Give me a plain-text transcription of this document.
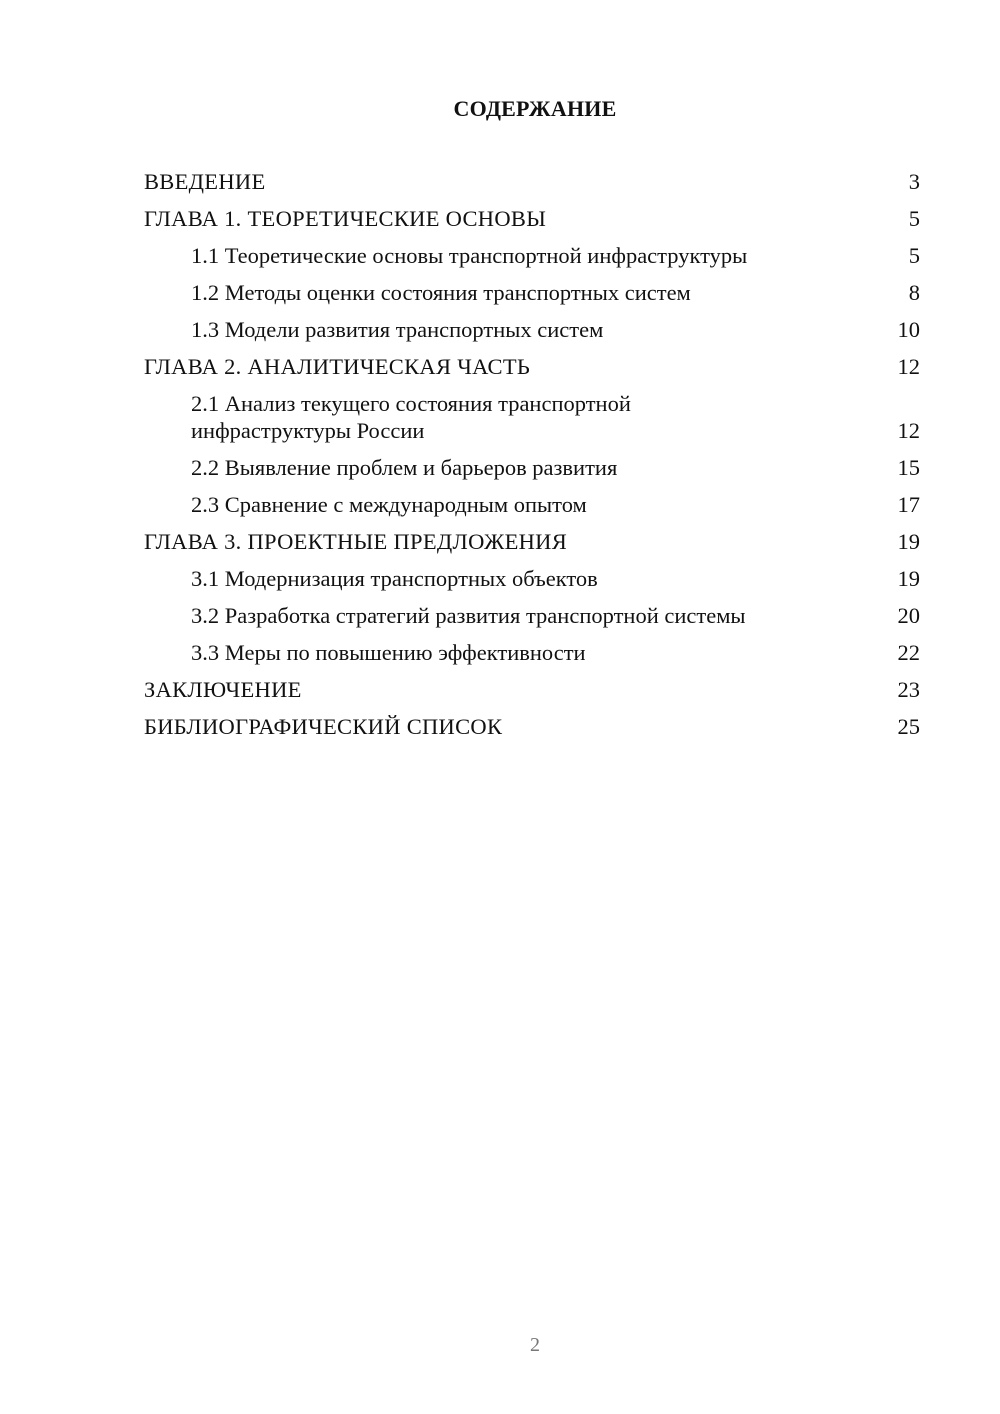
СОДЕРЖАНИЕ
ВВЕДЕНИЕ	3
ГЛАВА 1. ТЕОРЕТИЧЕСКИЕ ОСНОВЫ	5
1.1 Теоретические основы транспортной инфраструктуры	5
1.2 Методы оценки состояния транспортных систем	8
1.3 Модели развития транспортных систем	10
ГЛАВА 2. АНАЛИТИЧЕСКАЯ ЧАСТЬ	12
2.1 Анализ текущего состояния транспортной инфраструктуры России	12
2.2 Выявление проблем и барьеров развития	15
2.3 Сравнение с международным опытом	17
ГЛАВА 3. ПРОЕКТНЫЕ ПРЕДЛОЖЕНИЯ	19
3.1 Модернизация транспортных объектов	19
3.2 Разработка стратегий развития транспортной системы	20
3.3 Меры по повышению эффективности	22
ЗАКЛЮЧЕНИЕ	23
БИБЛИОГРАФИЧЕСКИЙ СПИСОК	25
2
